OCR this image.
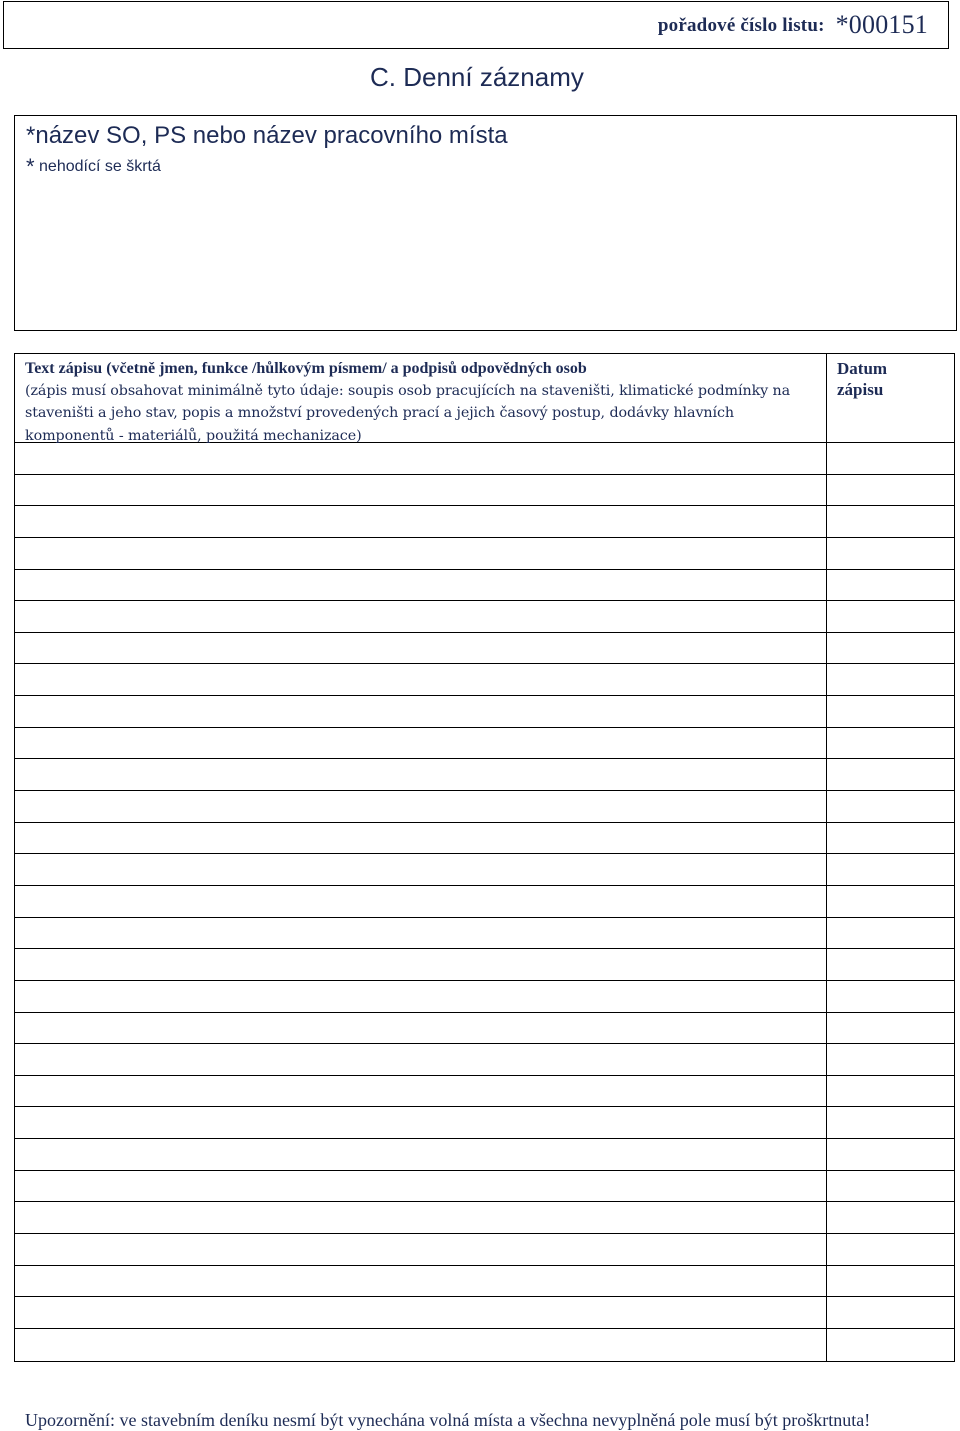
pořadové číslo listu: *000151
C. Denní záznamy
*název SO, PS nebo název pracovního místa
* nehodící se škrtá
Text zápisu (včetně jmen, funkce /hůlkovým písmem/ a podpisů odpovědných osob
(zápis musí obsahovat minimálně tyto údaje: soupis osob pracujících na staveništi, klimatické podmínky na staveništi a jeho stav, popis a množství provedených prací a jejich časový postup, dodávky hlavních komponentů - materiálů, použitá mechanizace)
Datum
zápisu
Upozornění: ve stavebním deníku nesmí být vynechána volná místa a všechna nevyplněná pole musí být proškrtnuta!
